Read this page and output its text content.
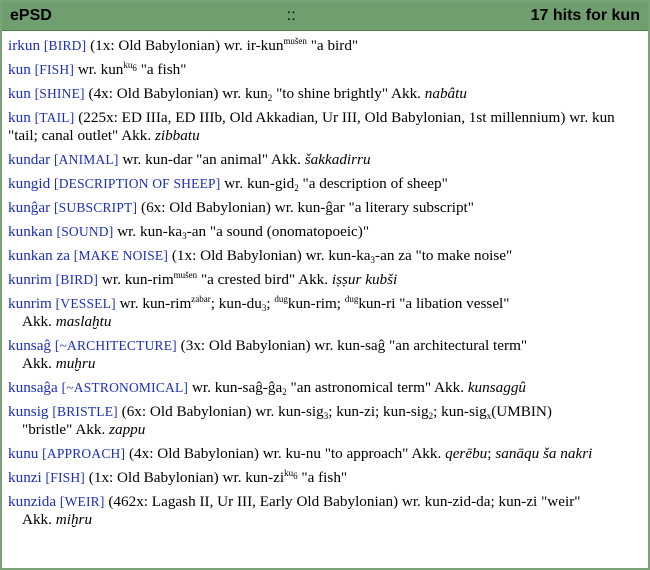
ePSD	::	17 hits for kun
irkun [BIRD] (1x: Old Babylonian) wr. ir-kun$^{mušen}$ "a bird"
kun [FISH] wr. kun$^{ku_6}$ "a fish"
kun [SHINE] (4x: Old Babylonian) wr. kun$_2$ "to shine brightly" Akk. nabâtu
kun [TAIL] (225x: ED IIIa, ED IIIb, Old Akkadian, Ur III, Old Babylonian, 1st millennium) wr. kun "tail; canal outlet" Akk. zibbatu
kundar [ANIMAL] wr. kun-dar "an animal" Akk. šakkadirru
kungid [DESCRIPTION OF SHEEP] wr. kun-gid$_2$ "a description of sheep"
kunĝar [SUBSCRIPT] (6x: Old Babylonian) wr. kun-ĝar "a literary subscript"
kunkan [SOUND] wr. kun-$ka_3-an$ "a sound (onomatopoeic)"
kunkan za [MAKE NOISE] (1x: Old Babylonian) wr. kun-$ka_3-an$ za "to make noise"
kunrim [BIRD] wr. kun-rim$^{mušen}$ "a crested bird" Akk. iṣṣur kubši
kunrim [VESSEL] wr. kun-rim$^{zabar}$; kun-$du_3$; $^{dug}$kun-rim; $^{dug}$kun-ri "a libation vessel"
Akk. maslaḫtu
kunsaĝ [~ARCHITECTURE] (3x: Old Babylonian) wr. kun-saĝ "an architectural term"
Akk. muḫru
kunsaĝa [~ASTRONOMICAL] wr. kun-$saĝ-ĝa_2$ "an astronomical term" Akk. kunsaggû
kunsig [BRISTLE] (6x: Old Babylonian) wr. kun-sig$_3$; kun-zi; kun-sig$_2$; kun-sig$_x$(UMBIN)
"bristle" Akk. zappu
kunu [APPROACH] (4x: Old Babylonian) wr. ku-nu "to approach" Akk. qerēbu; sanāqu ša nakri
kunzi [FISH] (1x: Old Babylonian) wr. kun-$zi^{ku_6}$ "a fish"
kunzida [WEIR] (462x: Lagash II, Ur III, Early Old Babylonian) wr. kun-zid-da; kun-zi "weir"
Akk. miḫru
